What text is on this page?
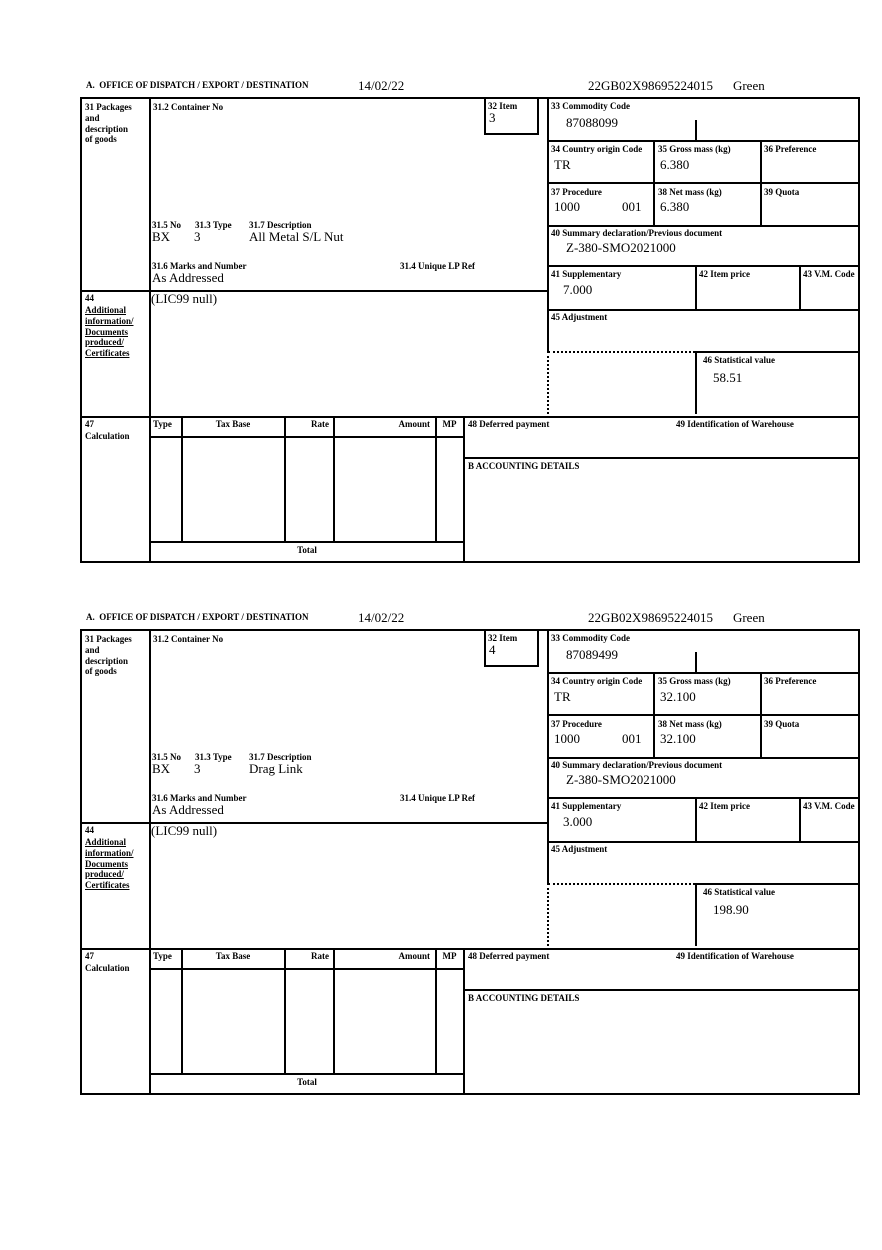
A.  OFFICE OF DISPATCH / EXPORT / DESTINATION	14/02/22	22GB02X98695224015 Green
31 Packages
and
description
of goods
31.2 Container No	32 Item
3
33 Commodity Code
87088099
34 Country origin Code
TR
35 Gross mass (kg)
6.380
36 Preference
37 Procedure
1000	001
38 Net mass (kg)
6.380
39 Quota
31.5 No 31.3 Type 31.7 Description
BX 3	All Metal S/L Nut
31.6 Marks and Number	31.4 Unique LP Ref
As Addressed
40 Summary declaration/Previous document
Z-380-SMO2021000
41 Supplementary
7.000
42 Item price	43 V.M. Code
44
Additional
information/
Documents
produced/
Certificates
(LIC99 null)
45 Adjustment
46 Statistical value
58.51
47
Calculation
Type	Tax Base	Rate	Amount	MP	48 Deferred payment	49 Identification of Warehouse
B ACCOUNTING DETAILS
Total
A.  OFFICE OF DISPATCH / EXPORT / DESTINATION	14/02/22	22GB02X98695224015 Green
31 Packages
and
description
of goods
31.2 Container No	32 Item
4
33 Commodity Code
87089499
34 Country origin Code
TR
35 Gross mass (kg)
32.100
36 Preference
37 Procedure
1000	001
38 Net mass (kg)
32.100
39 Quota
31.5 No 31.3 Type 31.7 Description
BX 3	Drag Link
31.6 Marks and Number	31.4 Unique LP Ref
As Addressed
40 Summary declaration/Previous document
Z-380-SMO2021000
41 Supplementary
3.000
42 Item price	43 V.M. Code
44
Additional
information/
Documents
produced/
Certificates
(LIC99 null)
45 Adjustment
46 Statistical value
198.90
47
Calculation
Type	Tax Base	Rate	Amount	MP	48 Deferred payment	49 Identification of Warehouse
B ACCOUNTING DETAILS
Total
